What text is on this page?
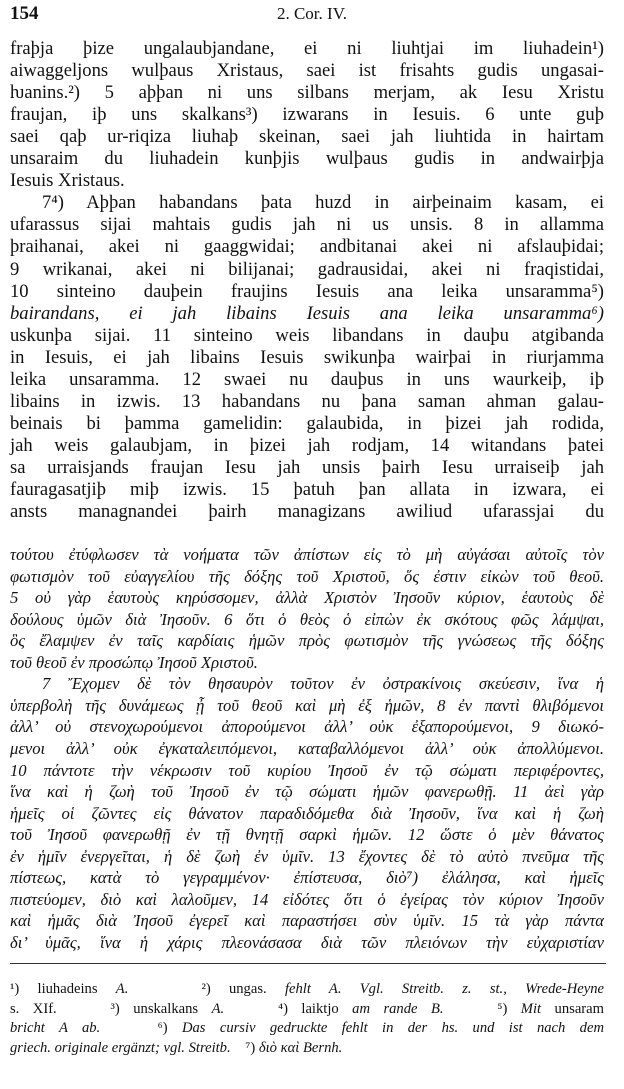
154	2. Cor. IV.
fraþja þize ungalaubjandane, ei ni liuhtjai im liuhadein¹)
aiwaggeljons wulþaus Xristaus, saei ist frisahts gudis ungasai-
ƕanins.²) 5 aþþan ni uns silbans merjam, ak Iesu Xristu
fraujan, iþ uns skalkans³) izwarans in Iesuis. 6 unte guþ
saei qaþ ur-riqiza liuhaþ skeinan, saei jah liuhtida in hairtam
unsaraim du liuhadein kunþjis wulþaus gudis in andwairþja
Iesuis Xristaus.
7⁴) Aþþan habandans þata huzd in airþeinaim kasam, ei
ufarassus sijai mahtais gudis jah ni us unsis. 8 in allamma
þraihanai, akei ni gaaggwidai; andbitanai akei ni afslauþidai;
9 wrikanai, akei ni bilijanai; gadrausidai, akei ni fraqistidai,
10 sinteino dauþein fraujins Iesuis ana leika unsaramma⁵)
bairandans, ei jah libains Iesuis ana leika unsaramma⁶)
uskunþa sijai. 11 sinteino weis libandans in dauþu atgibanda
in Iesuis, ei jah libains Iesuis swikunþa wairþai in riurjamma
leika unsaramma. 12 swaei nu dauþus in uns waurkeiþ, iþ
libains in izwis. 13 habandans nu þana saman ahman galau-
beinais bi þamma gamelidin: galaubida, in þizei jah rodida,
jah weis galaubjam, in þizei jah rodjam, 14 witandans þatei
sa urraisjands fraujan Iesu jah unsis þairh Iesu urraiseiþ jah
fauragasatjiþ miþ izwis. 15 þatuh þan allata in izwara, ei
ansts managnandei þairh managizans awiliud ufarassjai du
τούτου ἐτύφλωσεν τὰ νοήματα τῶν ἀπίστων εἰς τὸ μὴ αὐγάσαι αὐτοῖς τὸν
φωτισμὸν τοῦ εὐαγγελίου τῆς δόξης τοῦ Χριστοῦ, ὅς ἐστιν εἰκὼν τοῦ θεοῦ.
5 οὐ γὰρ ἑαυτοὺς κηρύσσομεν, ἀλλὰ Χριστὸν Ἰησοῦν κύριον, ἑαυτοὺς δὲ
δούλους ὑμῶν διὰ Ἰησοῦν. 6 ὅτι ὁ θεὸς ὁ εἰπὼν ἐκ σκότους φῶς λάμψαι,
ὃς ἔλαμψεν ἐν ταῖς καρδίαις ἡμῶν πρὸς φωτισμὸν τῆς γνώσεως τῆς δόξης
τοῦ θεοῦ ἐν προσώπῳ Ἰησοῦ Χριστοῦ.
7 Ἔχομεν δὲ τὸν θησαυρὸν τοῦτον ἐν ὀστρακίνοις σκεύεσιν, ἵνα ἡ
ὑπερβολὴ τῆς δυνάμεως ᾖ τοῦ θεοῦ καὶ μὴ ἐξ ἡμῶν, 8 ἐν παντὶ θλιβόμενοι
ἀλλ’ οὐ στενοχωρούμενοι ἀπορούμενοι ἀλλ’ οὐκ ἐξαπορούμενοι, 9 διωκό-
μενοι ἀλλ’ οὐκ ἐγκαταλειπόμενοι, καταβαλλόμενοι ἀλλ’ οὐκ ἀπολλύμενοι.
10 πάντοτε τὴν νέκρωσιν τοῦ κυρίου Ἰησοῦ ἐν τῷ σώματι περιφέροντες,
ἵνα καὶ ἡ ζωὴ τοῦ Ἰησοῦ ἐν τῷ σώματι ἡμῶν φανερωθῇ. 11 ἀεὶ γὰρ
ἡμεῖς οἱ ζῶντες εἰς θάνατον παραδιδόμεθα διὰ Ἰησοῦν, ἵνα καὶ ἡ ζωὴ
τοῦ Ἰησοῦ φανερωθῇ ἐν τῇ θνητῇ σαρκὶ ἡμῶν. 12 ὥστε ὁ μὲν θάνατος
ἐν ἡμῖν ἐνεργεῖται, ἡ δὲ ζωὴ ἐν ὑμῖν. 13 ἔχοντες δὲ τὸ αὐτὸ πνεῦμα τῆς
πίστεως, κατὰ τὸ γεγραμμένον· ἐπίστευσα, διὸ⁷) ἐλάλησα, καὶ ἡμεῖς
πιστεύομεν, διὸ καὶ λαλοῦμεν, 14 εἰδότες ὅτι ὁ ἐγείρας τὸν κύριον Ἰησοῦν
καὶ ἡμᾶς διὰ Ἰησοῦ ἐγερεῖ καὶ παραστήσει σὺν ὑμῖν. 15 τὰ γὰρ πάντα
δι’ ὑμᾶς, ἵνα ἡ χάρις πλεονάσασα διὰ τῶν πλειόνων τὴν εὐχαριστίαν
¹) liuhadeins A.    ²) ungas. fehlt A. Vgl. Streitb. z. st., Wrede-Heyne
s. XIf.    ³) unskalkans A.    ⁴) laiktjo am rande B.    ⁵) Mit unsaram
bricht A ab.    ⁶) Das cursiv gedruckte fehlt in der hs. und ist nach dem
griech. originale ergänzt; vgl. Streitb.    ⁷) διὸ καὶ Bernh.
